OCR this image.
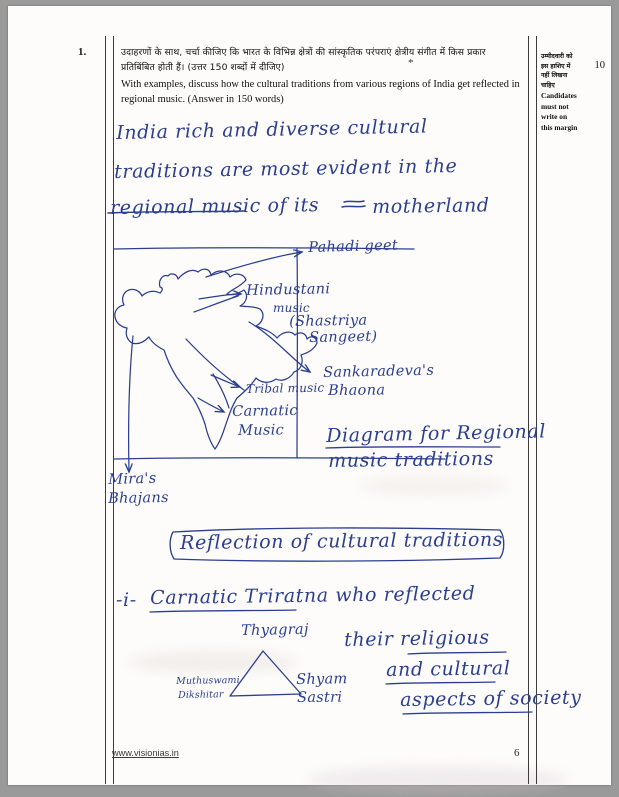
1.	उदाहरणों के साथ, चर्चा कीजिए कि भारत के विभिन्न क्षेत्रों की सांस्कृतिक परंपराएं क्षेत्रीय संगीत में किस प्रकार प्रतिबिंबित होती हैं। (उत्तर 150 शब्दों में दीजिए)
With examples, discuss how the cultural traditions from various regions of India get reflected in regional music. (Answer in 150 words)
*	10
उम्मीदवारी को
इस हाशिए में
नहीं लिखना
चाहिए
Candidates
must not
write on
this margin
India rich and diverse cultural
traditions are most evident in the
regional music of its	motherland
Pahadi geet
Hindustani
music
(Shastriya
Sangeet)
Sankaradeva's
Bhaona
Tribal music
Carnatic
Music
Mira's
Bhajans
Diagram for Regional
music traditions
Reflection of cultural traditions
-i- Carnatic Triratna who reflected
their religious
and cultural
aspects of society
Thyagraj
Muthuswami
Dikshitar
Shyam
Sastri
www.visionias.in	6
